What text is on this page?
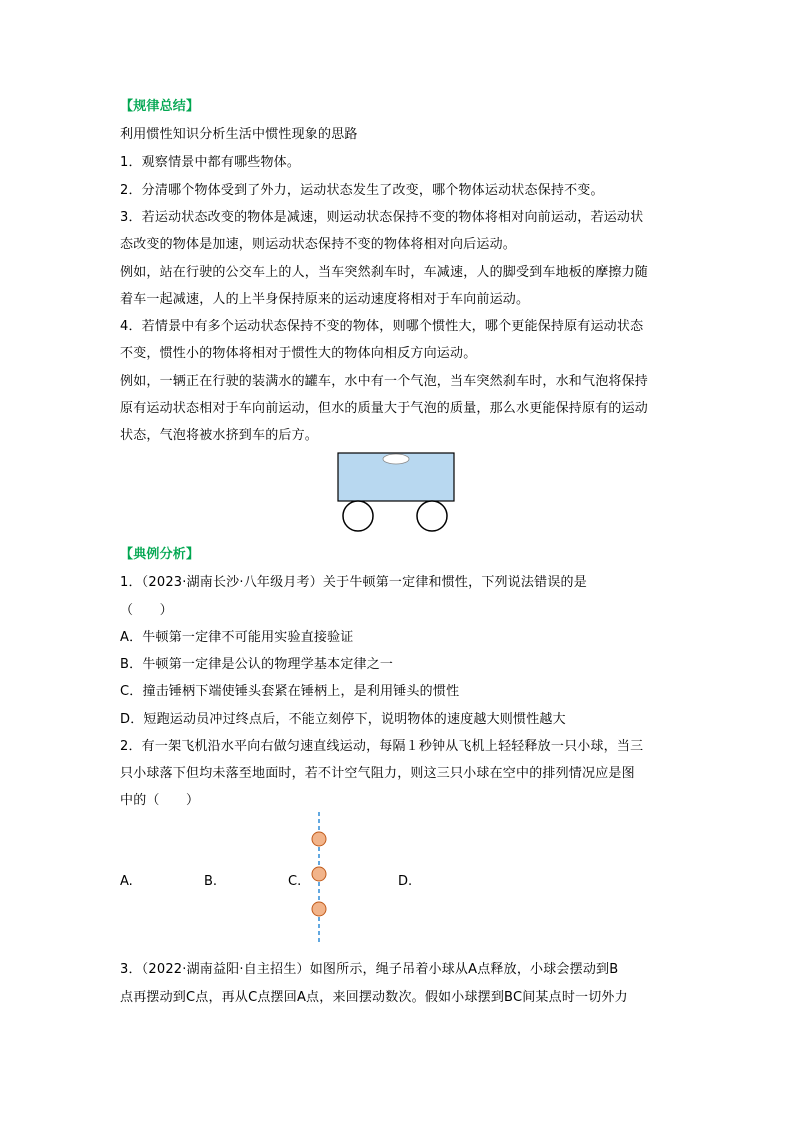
【规律总结】
利用惯性知识分析生活中惯性现象的思路
1．观察情景中都有哪些物体。
2．分清哪个物体受到了外力，运动状态发生了改变，哪个物体运动状态保持不变。
3．若运动状态改变的物体是减速，则运动状态保持不变的物体将相对向前运动，若运动状
态改变的物体是加速，则运动状态保持不变的物体将相对向后运动。
例如，站在行驶的公交车上的人，当车突然刹车时，车减速，人的脚受到车地板的摩擦力随
着车一起减速，人的上半身保持原来的运动速度将相对于车向前运动。
4．若情景中有多个运动状态保持不变的物体，则哪个惯性大，哪个更能保持原有运动状态
不变，惯性小的物体将相对于惯性大的物体向相反方向运动。
例如，一辆正在行驶的装满水的罐车，水中有一个气泡，当车突然刹车时，水和气泡将保持
原有运动状态相对于车向前运动，但水的质量大于气泡的质量，那么水更能保持原有的运动
状态，气泡将被水挤到车的后方。
【典例分析】
1．（2023·湖南长沙·八年级月考）关于牛顿第一定律和惯性，下列说法错误的是
（　　）
A．牛顿第一定律不可能用实验直接验证
B．牛顿第一定律是公认的物理学基本定律之一
C．撞击锤柄下端使锤头套紧在锤柄上，是利用锤头的惯性
D．短跑运动员冲过终点后，不能立刻停下，说明物体的速度越大则惯性越大
2．有一架飞机沿水平向右做匀速直线运动，每隔１秒钟从飞机上轻轻释放一只小球，当三
只小球落下但均未落至地面时，若不计空气阻力，则这三只小球在空中的排列情况应是图
中的（　　）
A.	B.	C.	D.
3．（2022·湖南益阳·自主招生）如图所示，绳子吊着小球从A点释放，小球会摆动到B
点再摆动到C点，再从C点摆回A点，来回摆动数次。假如小球摆到BC间某点时一切外力
